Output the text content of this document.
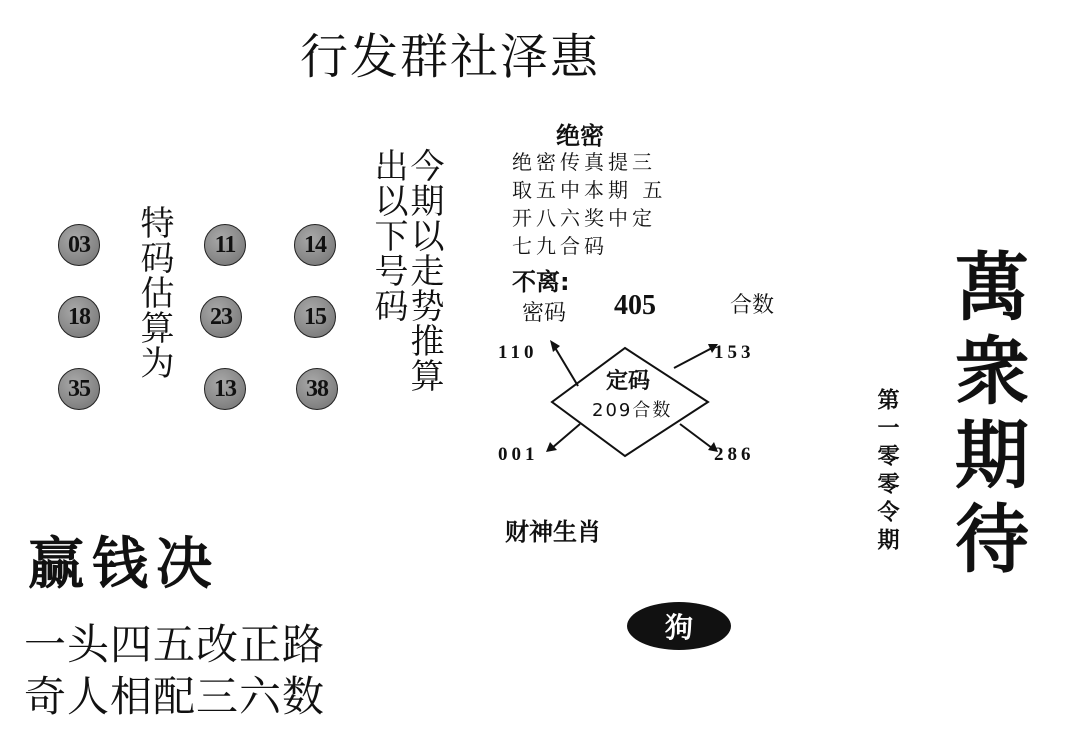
行发群社泽惠
03	11	14
18	23	15
35	13	38
特码估算为	今期以走势推算
出以下号码
绝密
绝密传真提三
取五中本期 五
开八六奖中定
七九合码
不离:
密码 405	合数
定码
209合数
110	153
001	286
赢钱决
一头四五改正路
奇人相配三六数
财神生肖
狗
萬衆期待
第一零零令期
